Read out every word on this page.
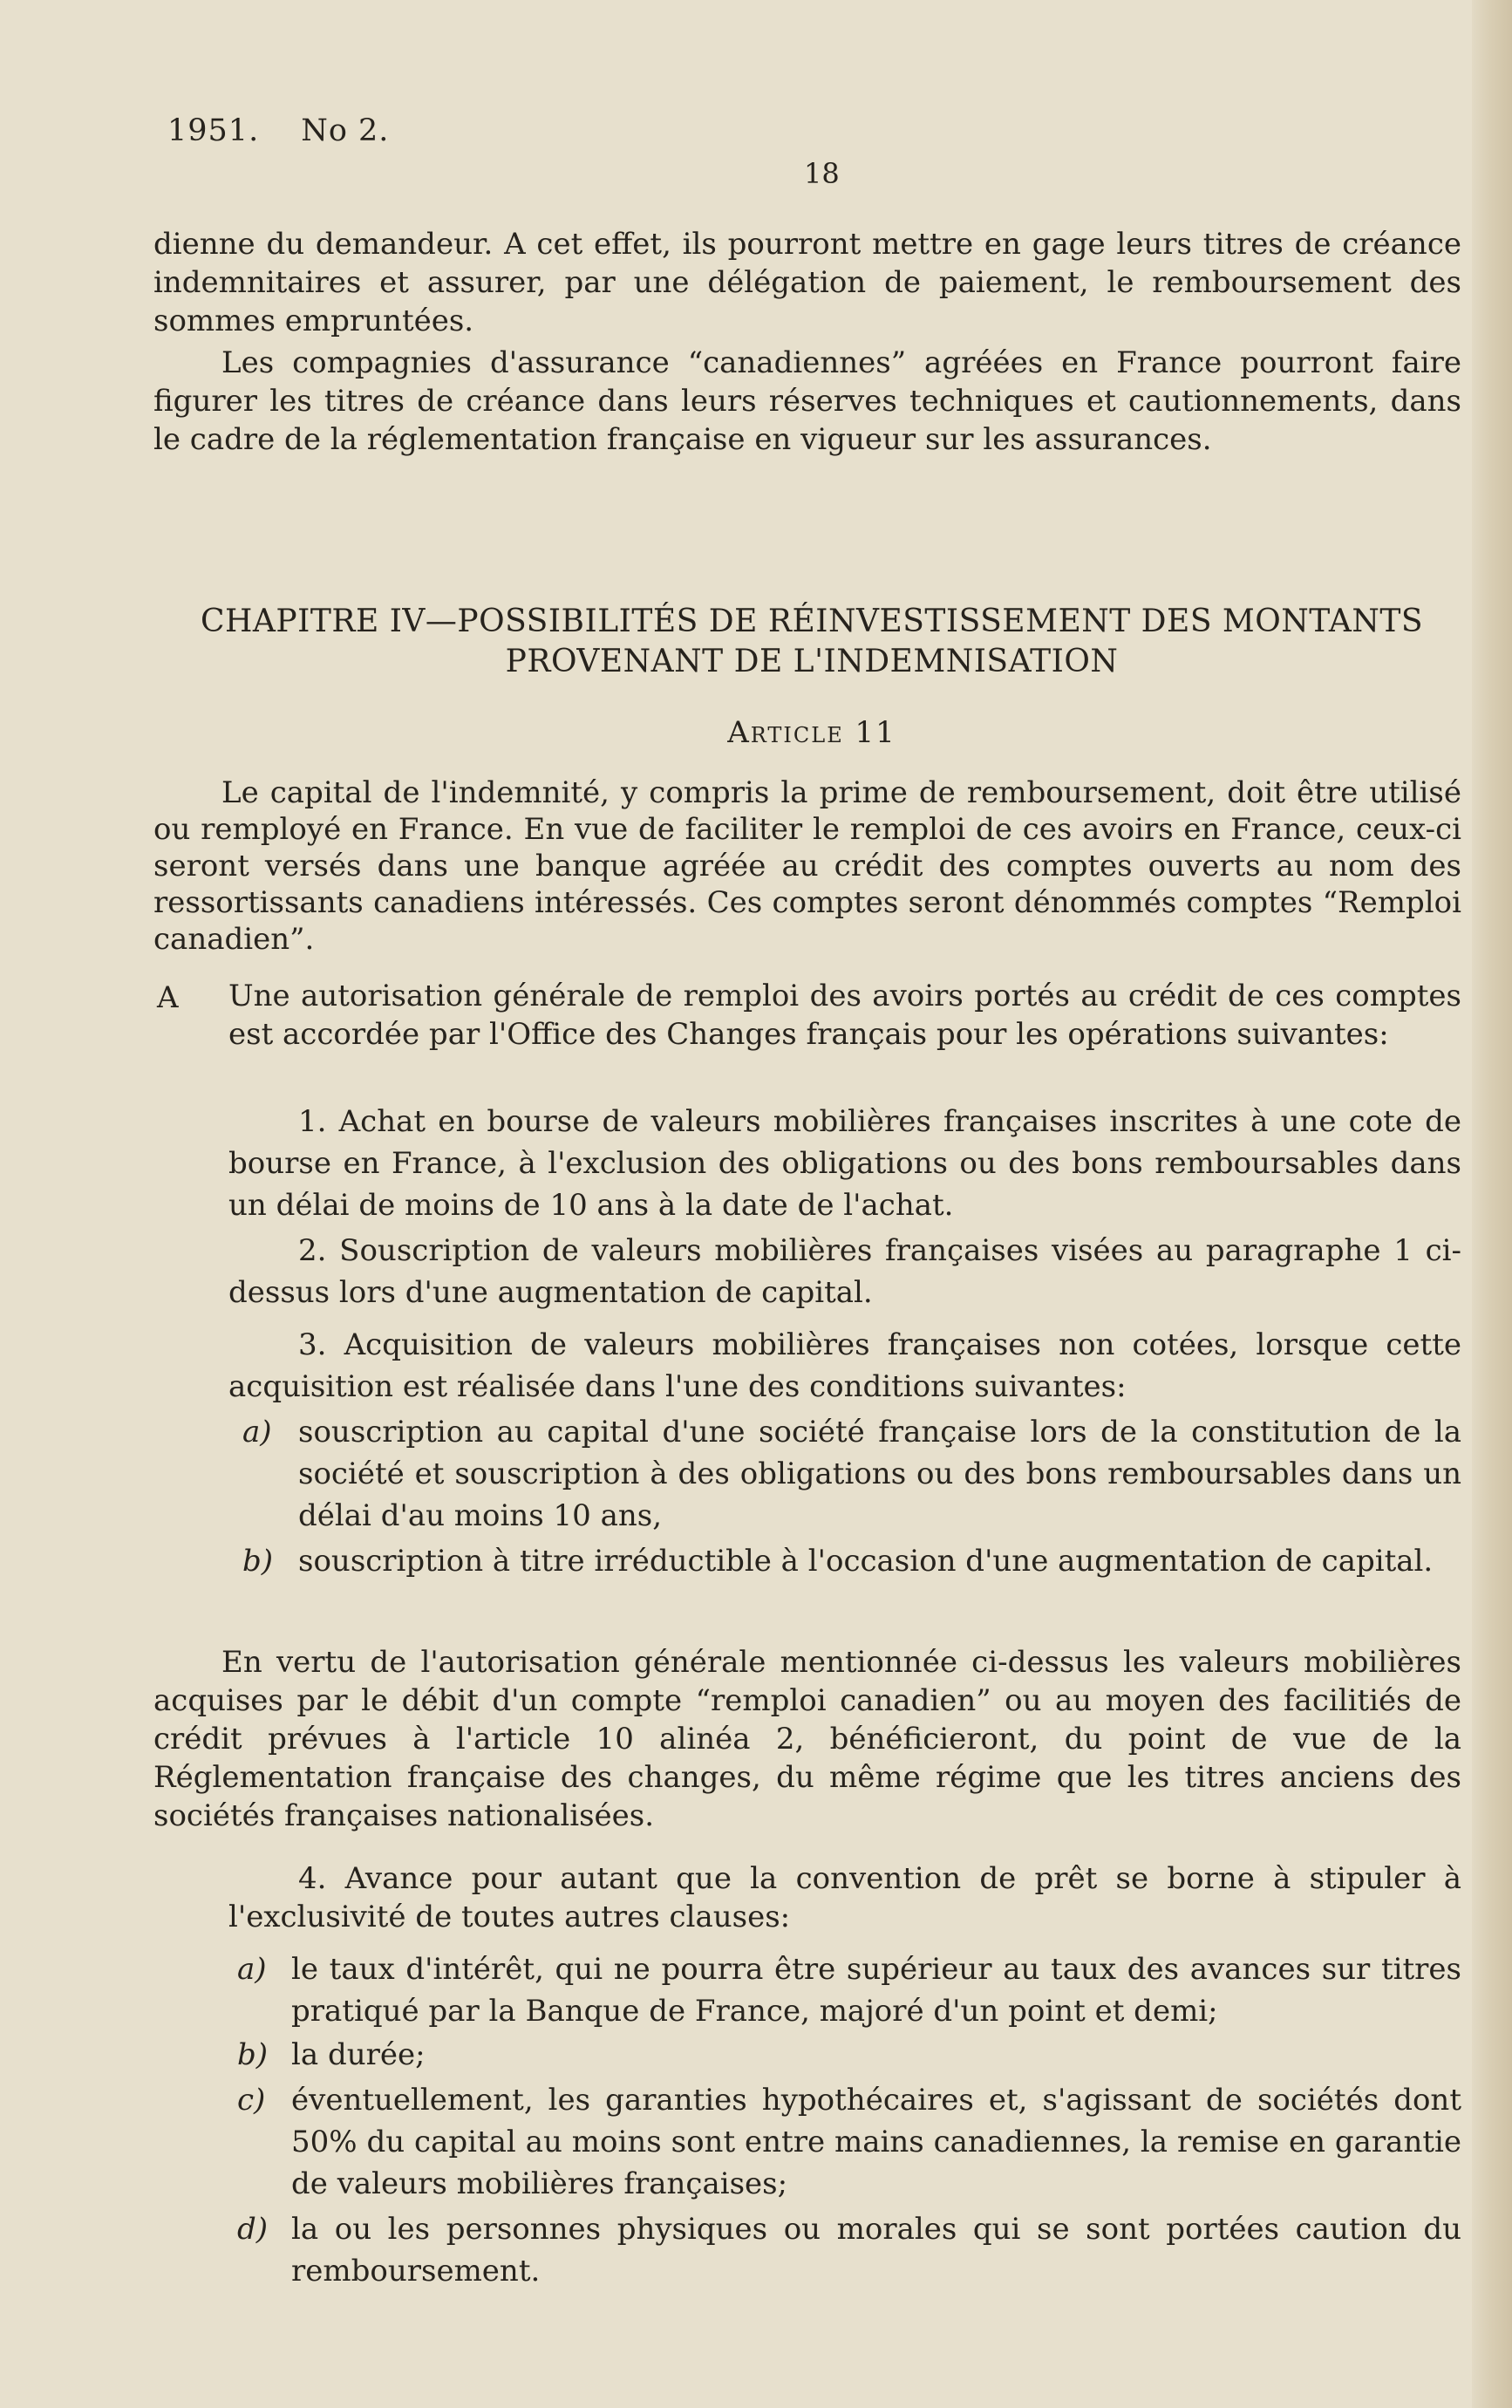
1951. No 2.
18

dienne du demandeur. A cet effet, ils pourront mettre en gage leurs titres de créance indemnitaires et assurer, par une délégation de paiement, le remboursement des sommes empruntées.

Les compagnies d'assurance “canadiennes” agréées en France pourront faire figurer les titres de créance dans leurs réserves techniques et cautionnements, dans le cadre de la réglementation française en vigueur sur les assurances.

CHAPITRE IV—POSSIBILITÉS DE RÉINVESTISSEMENT DES MONTANTS
PROVENANT DE L'INDEMNISATION
Article 11

Le capital de l'indemnité, y compris la prime de remboursement, doit être utilisé ou remployé en France. En vue de faciliter le remploi de ces avoirs en France, ceux-ci seront versés dans une banque agréée au crédit des comptes ouverts au nom des ressortissants canadiens intéressés. Ces comptes seront dénommés comptes “Remploi canadien”.

A Une autorisation générale de remploi des avoirs portés au crédit de ces comptes est accordée par l'Office des Changes français pour les opérations suivantes:

1. Achat en bourse de valeurs mobilières françaises inscrites à une cote de bourse en France, à l'exclusion des obligations ou des bons remboursables dans un délai de moins de 10 ans à la date de l'achat.

2. Souscription de valeurs mobilières françaises visées au paragraphe 1 ci-dessus lors d'une augmentation de capital.

3. Acquisition de valeurs mobilières françaises non cotées, lorsque cette acquisition est réalisée dans l'une des conditions suivantes:

a) souscription au capital d'une société française lors de la constitution de la société et souscription à des obligations ou des bons remboursables dans un délai d'au moins 10 ans,

b) souscription à titre irréductible à l'occasion d'une augmentation de capital.

En vertu de l'autorisation générale mentionnée ci-dessus les valeurs mobilières acquises par le débit d'un compte “remploi canadien” ou au moyen des facilitiés de crédit prévues à l'article 10 alinéa 2, bénéficieront, du point de vue de la Réglementation française des changes, du même régime que les titres anciens des sociétés françaises nationalisées.

4. Avance pour autant que la convention de prêt se borne à stipuler à l'exclusivité de toutes autres clauses:

a) le taux d'intérêt, qui ne pourra être supérieur au taux des avances sur titres pratiqué par la Banque de France, majoré d'un point et demi;

b) la durée;

c) éventuellement, les garanties hypothécaires et, s'agissant de sociétés dont 50% du capital au moins sont entre mains canadiennes, la remise en garantie de valeurs mobilières françaises;

d) la ou les personnes physiques ou morales qui se sont portées caution du remboursement.
